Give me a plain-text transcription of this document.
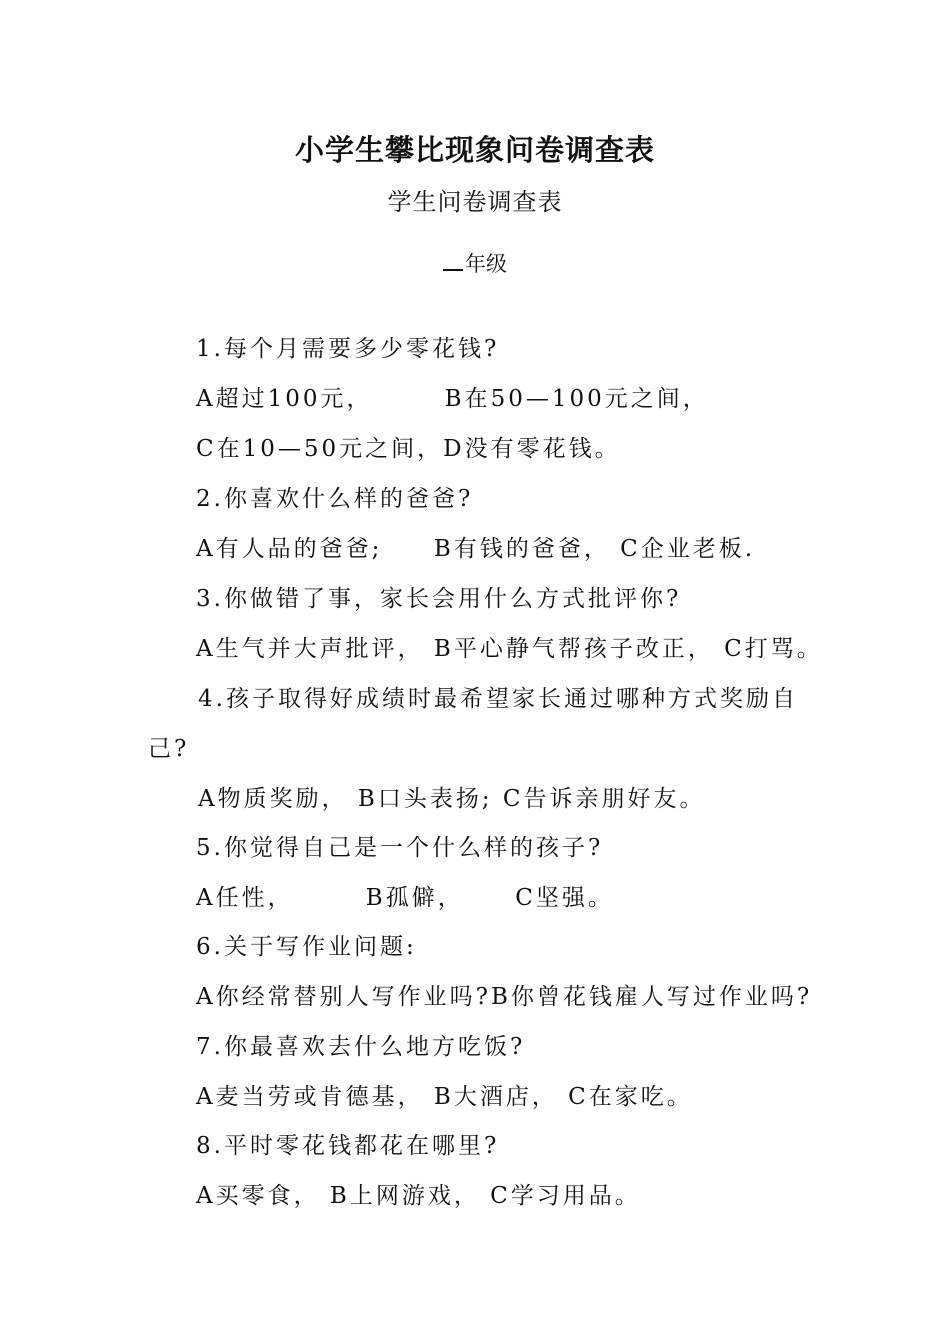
小学生攀比现象问卷调查表
学生问卷调查表
年级
1.每个月需要多少零花钱?
A超过100元，       B在50—100元之间，
C在10—50元之间，D没有零花钱。
2.你喜欢什么样的爸爸?
A有人品的爸爸;     B有钱的爸爸， C企业老板.
3.你做错了事，家长会用什么方式批评你?
A生气并大声批评， B平心静气帮孩子改正， C打骂。
4.孩子取得好成绩时最希望家长通过哪种方式奖励自
己?
A物质奖励， B口头表扬; C告诉亲朋好友。
5.你觉得自己是一个什么样的孩子?
A任性，       B孤僻，     C坚强。
6.关于写作业问题:
A你经常替别人写作业吗?B你曾花钱雇人写过作业吗?
7.你最喜欢去什么地方吃饭?
A麦当劳或肯德基， B大酒店， C在家吃。
8.平时零花钱都花在哪里?
A买零食， B上网游戏， C学习用品。
